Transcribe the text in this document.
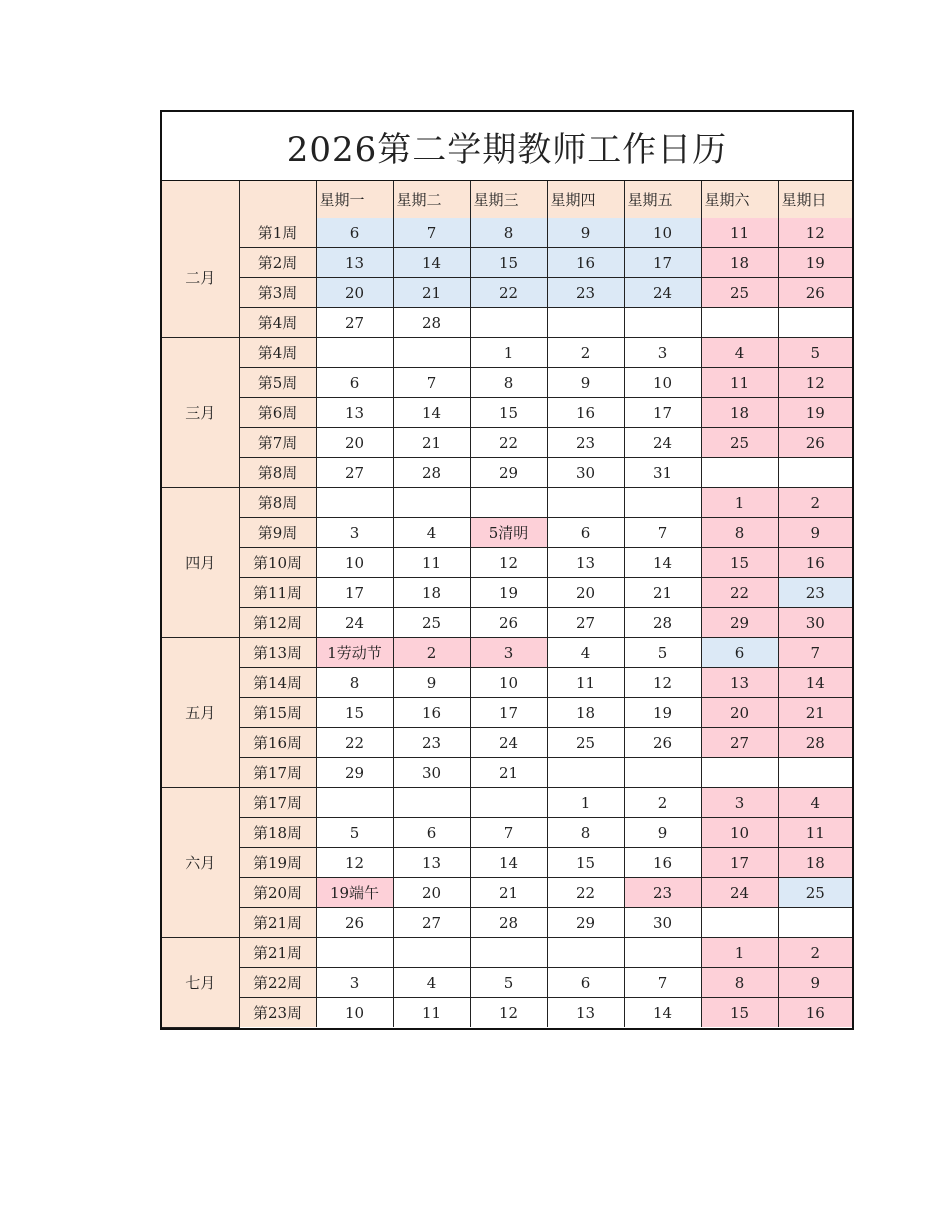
2026第二学期教师工作日历
		星期一	星期二	星期三	星期四	星期五	星期六	星期日
二月	第1周	6	7	8	9	10	11	12
	第2周	13	14	15	16	17	18	19
	第3周	20	21	22	23	24	25	26
	第4周	27	28					
三月	第4周			1	2	3	4	5
	第5周	6	7	8	9	10	11	12
	第6周	13	14	15	16	17	18	19
	第7周	20	21	22	23	24	25	26
	第8周	27	28	29	30	31		
四月	第8周						1	2
	第9周	3	4	5清明	6	7	8	9
	第10周	10	11	12	13	14	15	16
	第11周	17	18	19	20	21	22	23
	第12周	24	25	26	27	28	29	30
五月	第13周	1劳动节	2	3	4	5	6	7
	第14周	8	9	10	11	12	13	14
	第15周	15	16	17	18	19	20	21
	第16周	22	23	24	25	26	27	28
	第17周	29	30	21				
六月	第17周				1	2	3	4
	第18周	5	6	7	8	9	10	11
	第19周	12	13	14	15	16	17	18
	第20周	19端午	20	21	22	23	24	25
	第21周	26	27	28	29	30		
七月	第21周						1	2
	第22周	3	4	5	6	7	8	9
	第23周	10	11	12	13	14	15	16
